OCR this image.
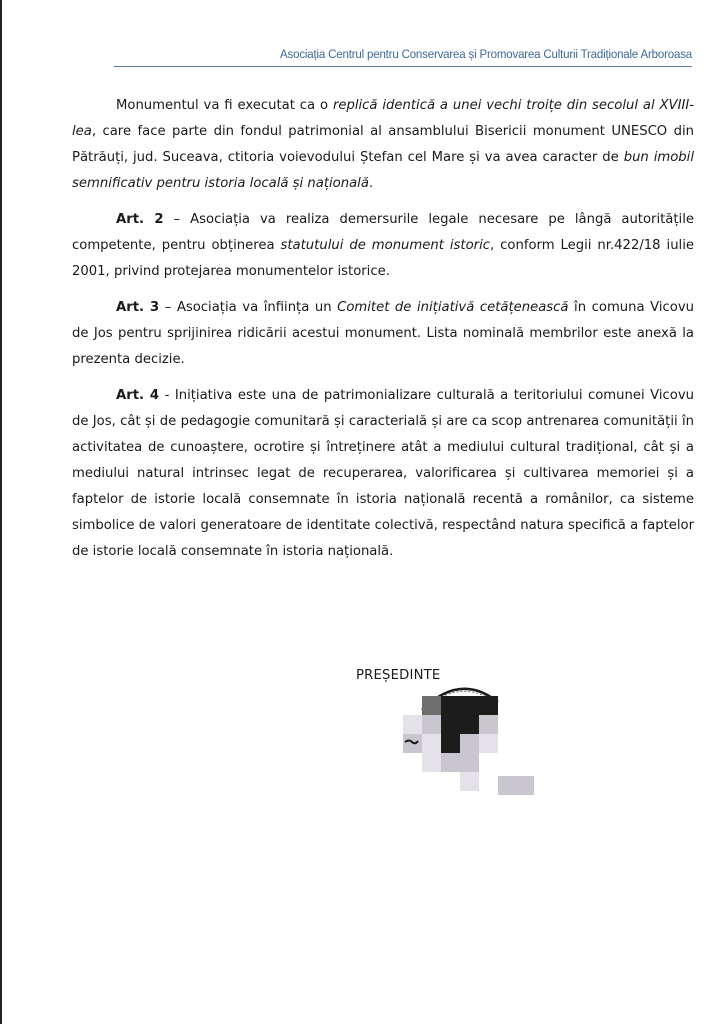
Asociația Centrul pentru Conservarea și Promovarea Culturii Tradiționale Arboroasa

Monumentul va fi executat ca o replică identică a unei vechi troițe din secolul al XVIII-lea, care face parte din fondul patrimonial al ansamblului Bisericii monument UNESCO din Pătrăuți, jud. Suceava, ctitoria voievodului Ștefan cel Mare și va avea caracter de bun imobil semnificativ pentru istoria locală și națională.

Art. 2 – Asociația va realiza demersurile legale necesare pe lângă autoritățile competente, pentru obținerea statutului de monument istoric, conform Legii nr.422/18 iulie 2001, privind protejarea monumentelor istorice.

Art. 3 – Asociația va înființa un Comitet de inițiativă cetățenească în comuna Vicovu de Jos pentru sprijinirea ridicării acestui monument. Lista nominală membrilor este anexă la prezenta decizie.

Art. 4 - Inițiativa este una de patrimonializare culturală a teritoriului comunei Vicovu de Jos, cât și de pedagogie comunitară și caracterială și are ca scop antrenarea comunității în activitatea de cunoaștere, ocrotire și întreținere atât a mediului cultural tradițional, cât și a mediului natural intrinsec legat de recuperarea, valorificarea și cultivarea memoriei și a faptelor de istorie locală consemnate în istoria națională recentă a românilor, ca sisteme simbolice de valori generatoare de identitate colectivă, respectând natura specifică a faptelor de istorie locală consemnate în istoria națională.

PREȘEDINTE
